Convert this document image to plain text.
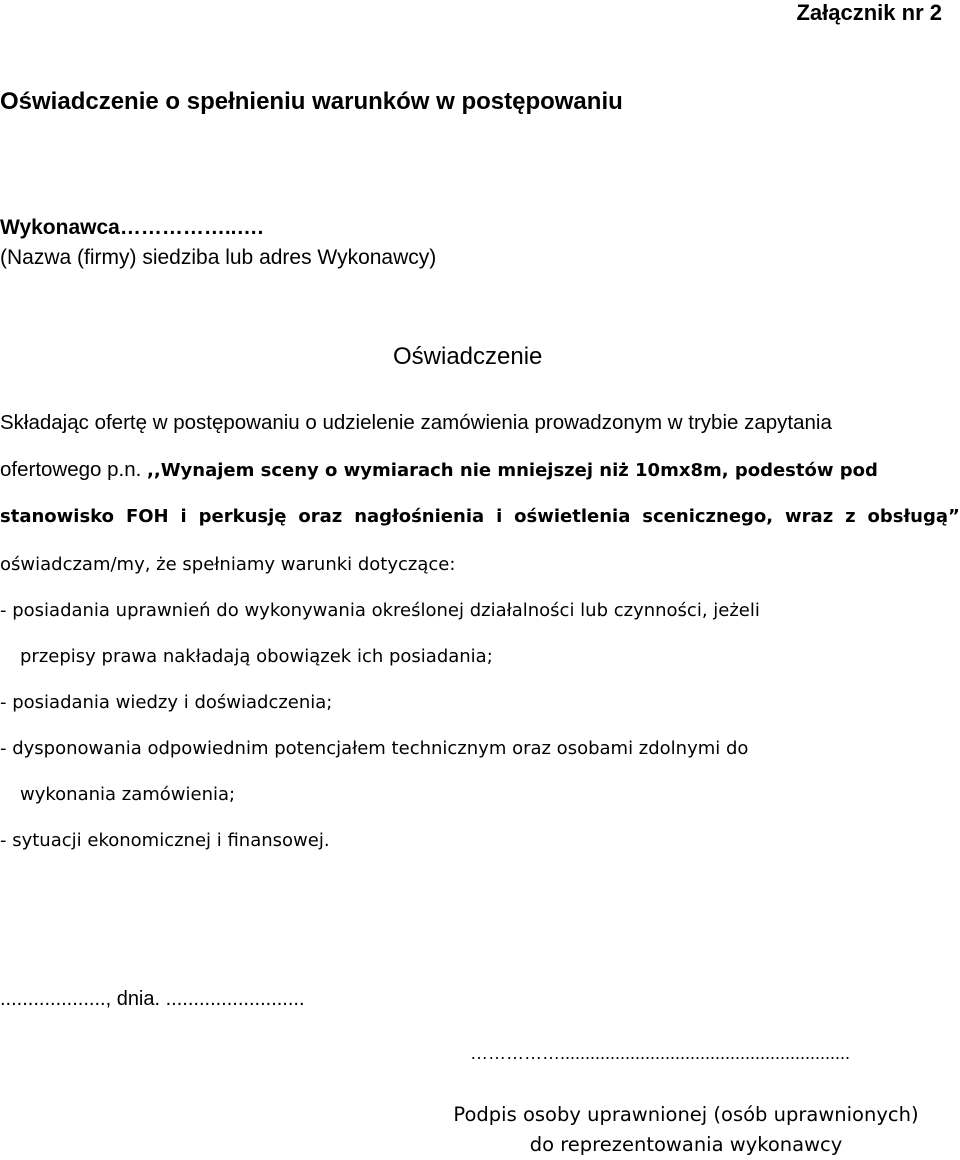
Załącznik nr 2
Oświadczenie o spełnieniu warunków w postępowaniu
Wykonawca……………..….
(Nazwa (firmy) siedziba lub adres Wykonawcy)
Oświadczenie
Składając ofertę w postępowaniu o udzielenie zamówienia prowadzonym w trybie zapytania
ofertowego p.n. ,,Wynajem sceny o wymiarach nie mniejszej niż 10mx8m, podestów pod
stanowisko FOH i perkusję oraz nagłośnienia i oświetlenia scenicznego, wraz z obsługą”
oświadczam/my, że spełniamy warunki dotyczące:
- posiadania uprawnień do wykonywania określonej działalności lub czynności, jeżeli
przepisy prawa nakładają obowiązek ich posiadania;
- posiadania wiedzy i doświadczenia;
- dysponowania odpowiednim potencjałem technicznym oraz osobami zdolnymi do
wykonania zamówienia;
- sytuacji ekonomicznej i finansowej.
..................., dnia. .........................
……………..........................................................
Podpis osoby uprawnionej (osób uprawnionych) do reprezentowania wykonawcy
